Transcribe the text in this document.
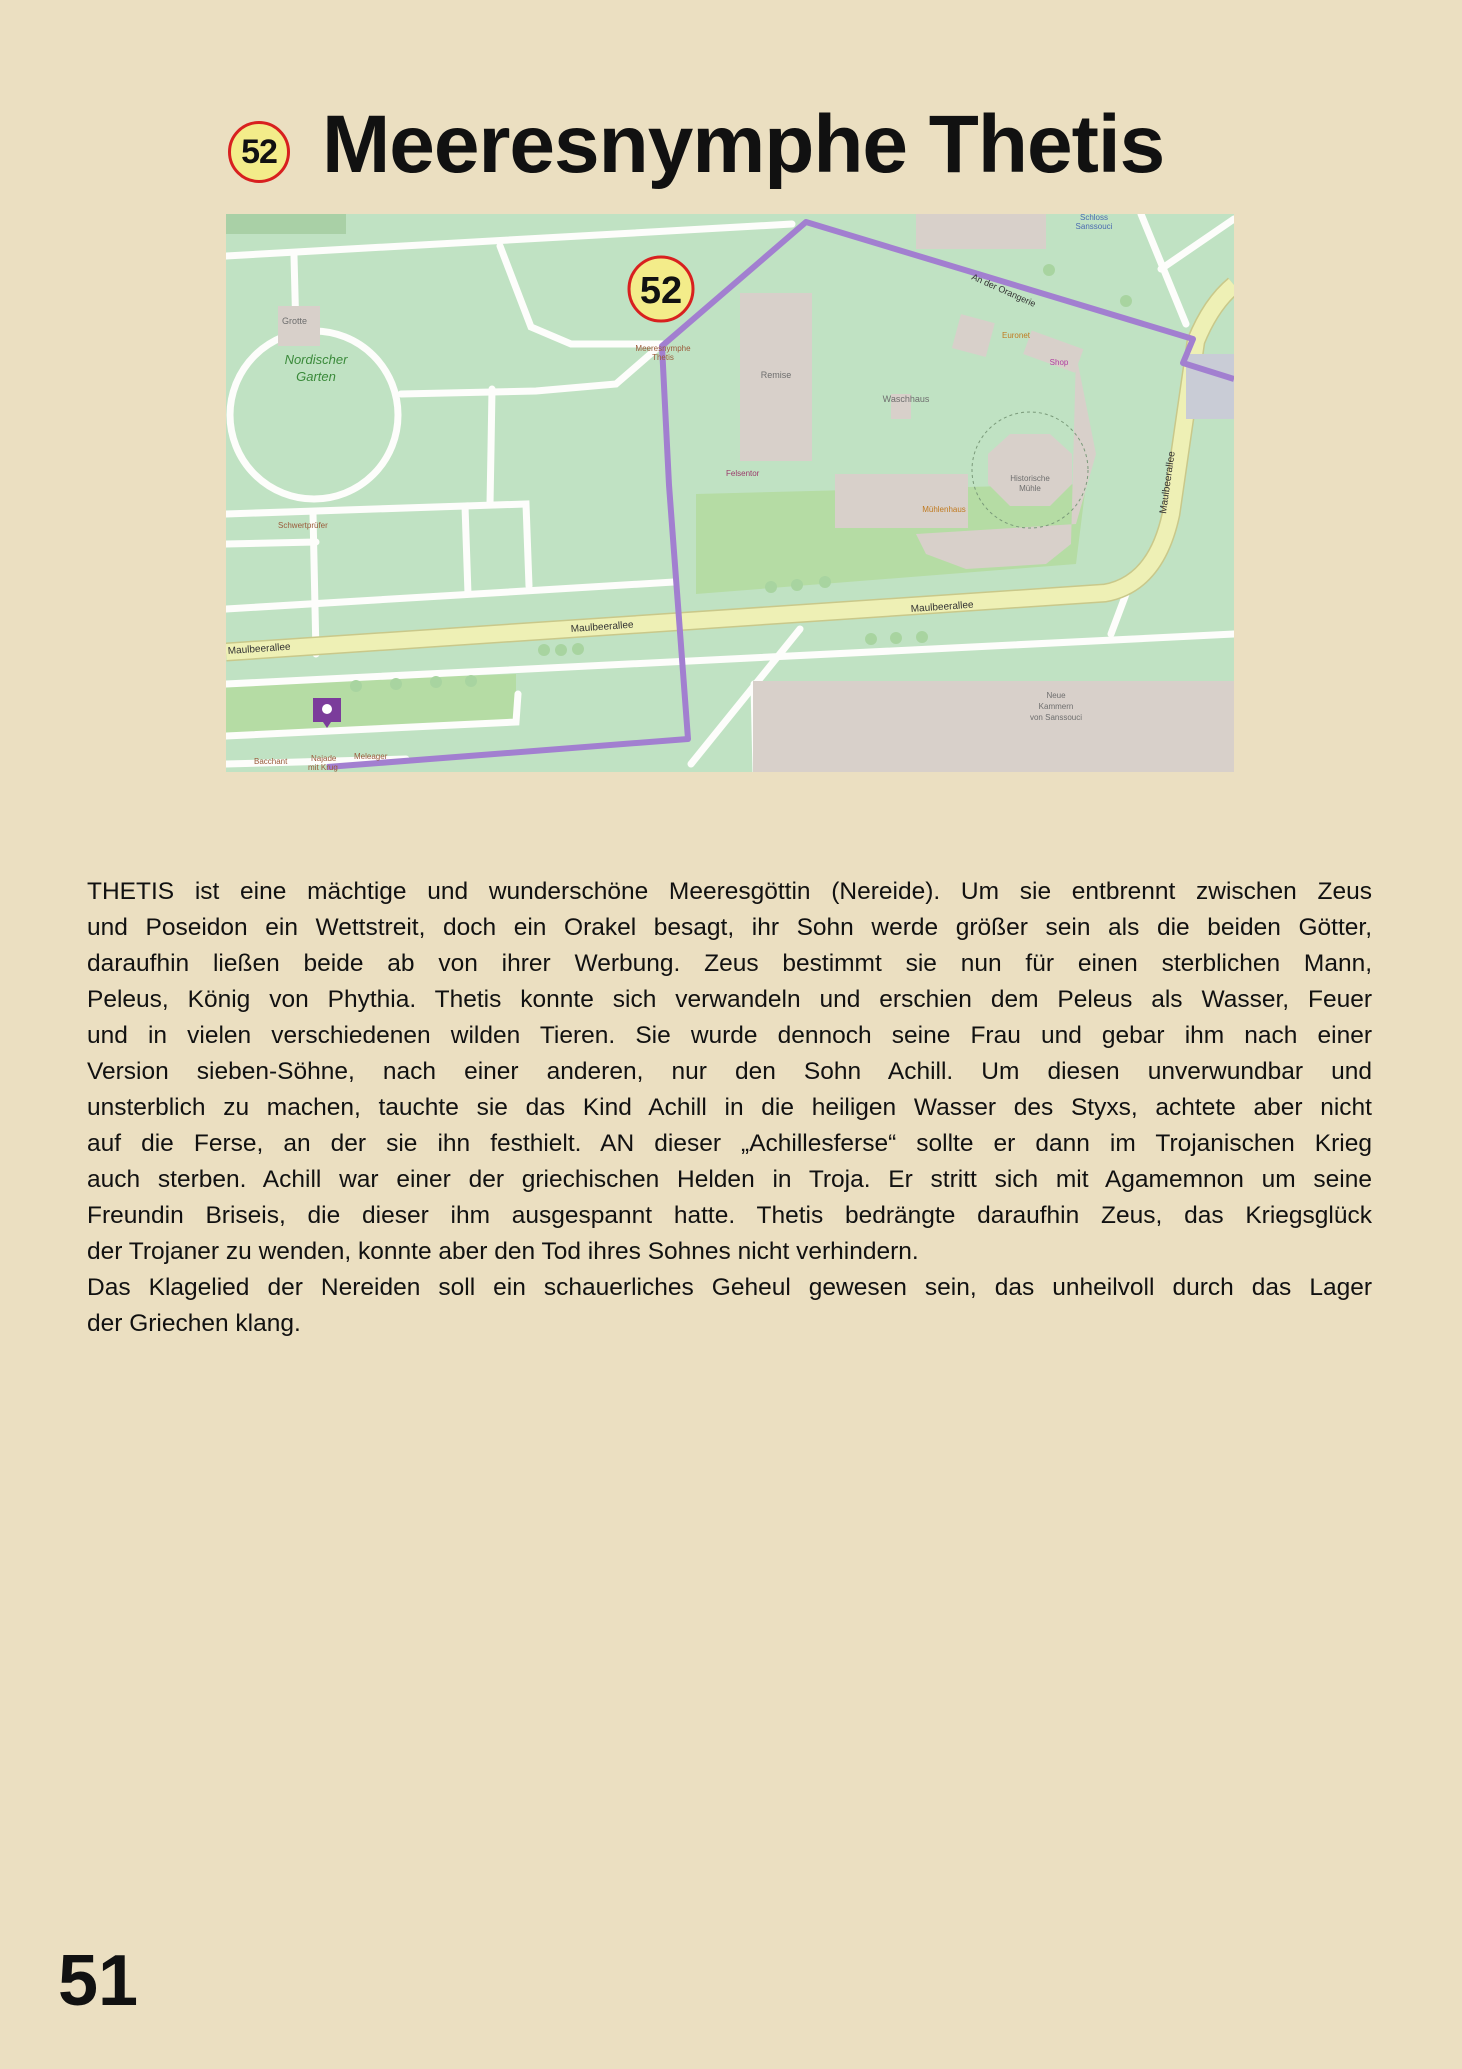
52 Meeresnymphe Thetis
52
Grotte
Nordischer
Garten
Meeresnymphe
Thetis
Remise
Waschhaus
Felsentor
Mühlenhaus
Historische
Mühle
Euronet
Shop
An der Orangerie
Maulbeerallee
Maulbeerallee
Maulbeerallee
Maulbeerallee
Schwertprüfer
Neue
Kammern
von Sanssouci
Schloss
Sanssouci
Bacchant	Najade
mit Krug
Meleager
THETIS ist eine mächtige und wunderschöne Meeresgöttin (Nereide). Um sie entbrennt zwischen Zeus
und Poseidon ein Wettstreit, doch ein Orakel besagt, ihr Sohn werde größer sein als die beiden Götter,
daraufhin ließen beide ab von ihrer Werbung. Zeus bestimmt sie nun für einen sterblichen Mann,
Peleus, König von Phythia. Thetis konnte sich verwandeln und erschien dem Peleus als Wasser, Feuer
und in vielen verschiedenen wilden Tieren. Sie wurde dennoch seine Frau und gebar ihm nach einer
Version sieben-Söhne, nach einer anderen, nur den Sohn Achill. Um diesen unverwundbar und
unsterblich zu machen, tauchte sie das Kind Achill in die heiligen Wasser des Styxs, achtete aber nicht
auf die Ferse, an der sie ihn festhielt. AN dieser „Achillesferse“ sollte er dann im Trojanischen Krieg
auch sterben. Achill war einer der griechischen Helden in Troja. Er stritt sich mit Agamemnon um seine
Freundin Briseis, die dieser ihm ausgespannt hatte. Thetis bedrängte daraufhin Zeus, das Kriegsglück
der Trojaner zu wenden, konnte aber den Tod ihres Sohnes nicht verhindern.
Das Klagelied der Nereiden soll ein schauerliches Geheul gewesen sein, das unheilvoll durch das Lager
der Griechen klang.
51
